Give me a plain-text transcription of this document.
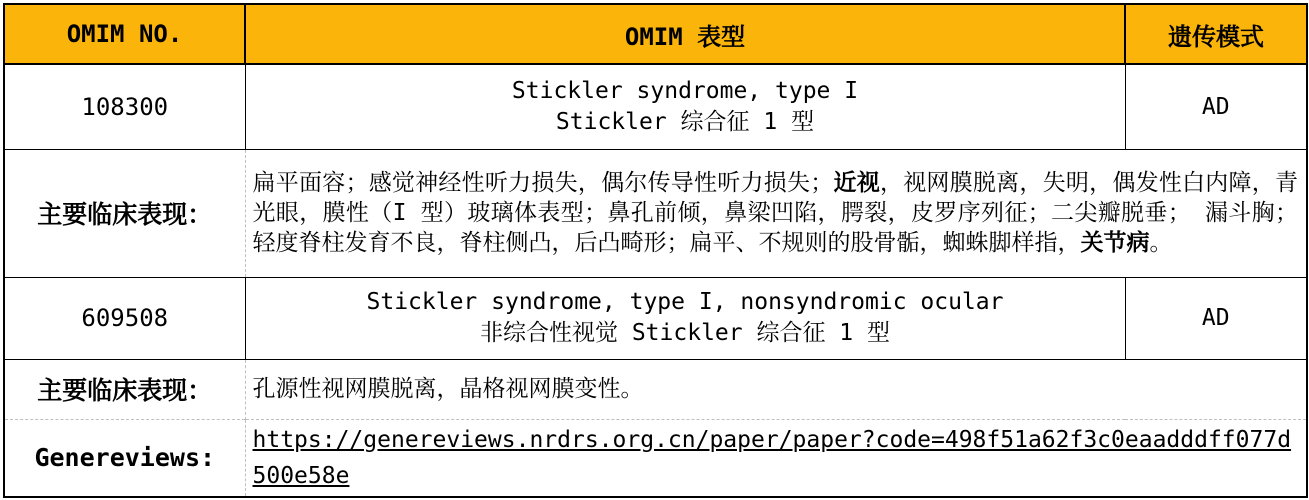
OMIM NO.	OMIM 表型	遗传模式
108300	Stickler syndrome, type I
Stickler 综合征 1 型	AD
主要临床表现：	扁平面容；感觉神经性听力损失，偶尔传导性听力损失；近视，视网膜脱离，失明，偶发性白内障，青光眼，膜性（I 型）玻璃体表型；鼻孔前倾，鼻梁凹陷，腭裂，皮罗序列征；二尖瓣脱垂； 漏斗胸；轻度脊柱发育不良，脊柱侧凸，后凸畸形；扁平、不规则的股骨骺，蜘蛛脚样指，关节病。	
609508	Stickler syndrome, type I, nonsyndromic ocular
非综合性视觉 Stickler 综合征 1 型	AD
主要临床表现：	孔源性视网膜脱离，晶格视网膜变性。	
Genereviews:	https://genereviews.nrdrs.org.cn/paper/paper?code=498f51a62f3c0eaadddff077d500e58e	
